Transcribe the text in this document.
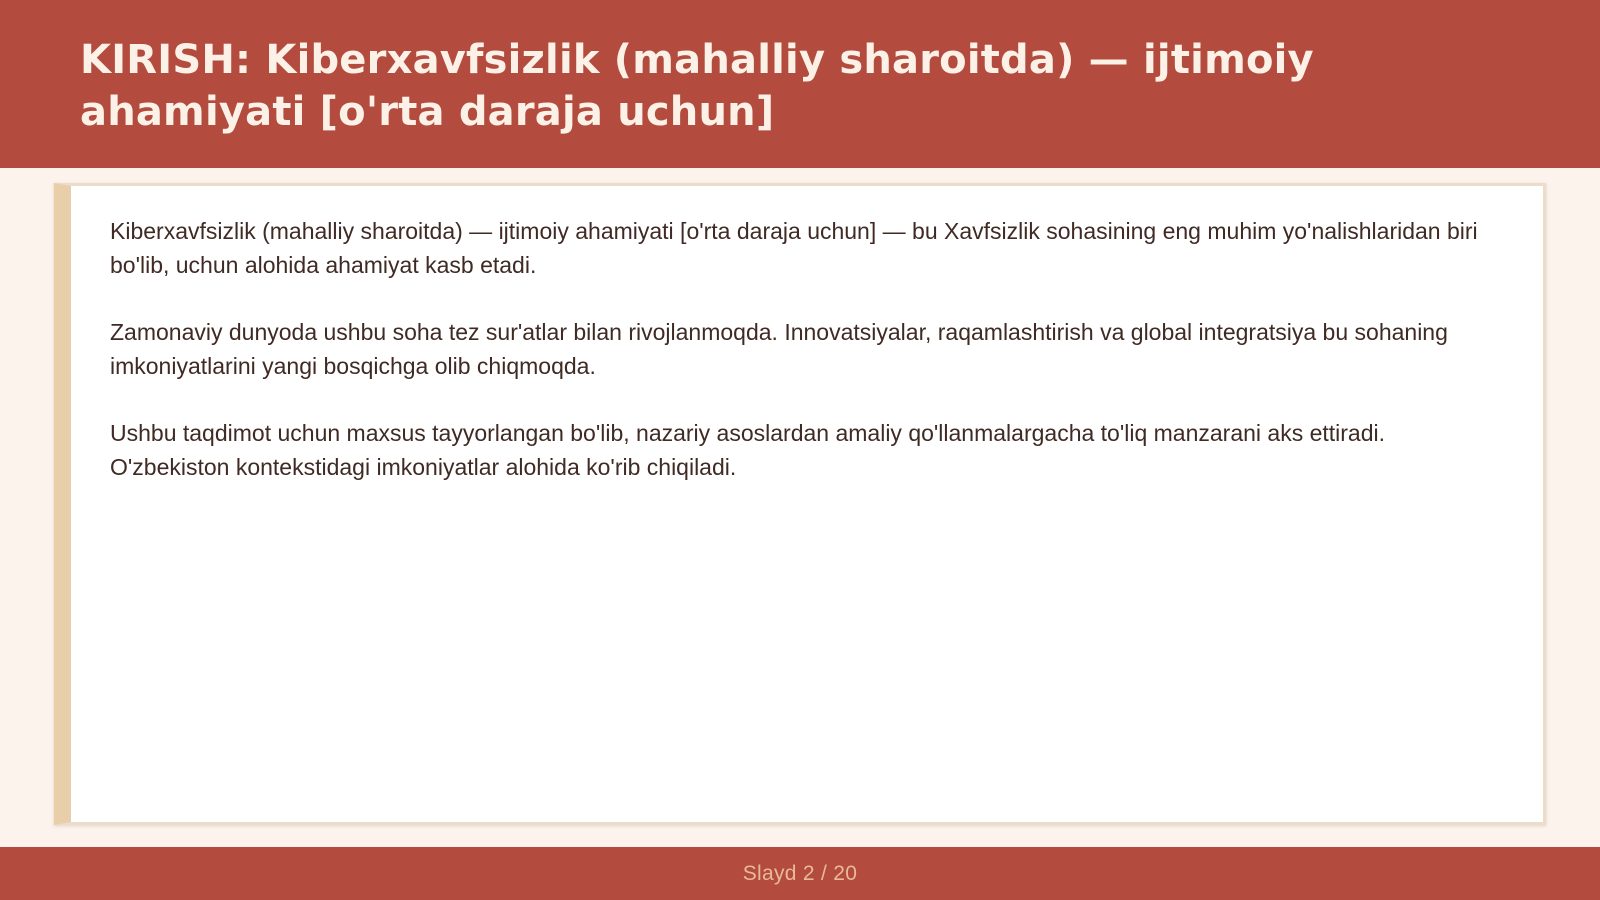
KIRISH: Kiberxavfsizlik (mahalliy sharoitda) — ijtimoiy ahamiyati [o'rta daraja uchun]

Kiberxavfsizlik (mahalliy sharoitda) — ijtimoiy ahamiyati [o'rta daraja uchun] — bu Xavfsizlik sohasining eng muhim yo'nalishlaridan biri bo'lib, uchun alohida ahamiyat kasb etadi.

Zamonaviy dunyoda ushbu soha tez sur'atlar bilan rivojlanmoqda. Innovatsiyalar, raqamlashtirish va global integratsiya bu sohaning imkoniyatlarini yangi bosqichga olib chiqmoqda.

Ushbu taqdimot uchun maxsus tayyorlangan bo'lib, nazariy asoslardan amaliy qo'llanmalargacha to'liq manzarani aks ettiradi. O'zbekiston kontekstidagi imkoniyatlar alohida ko'rib chiqiladi.

Slayd 2 / 20
